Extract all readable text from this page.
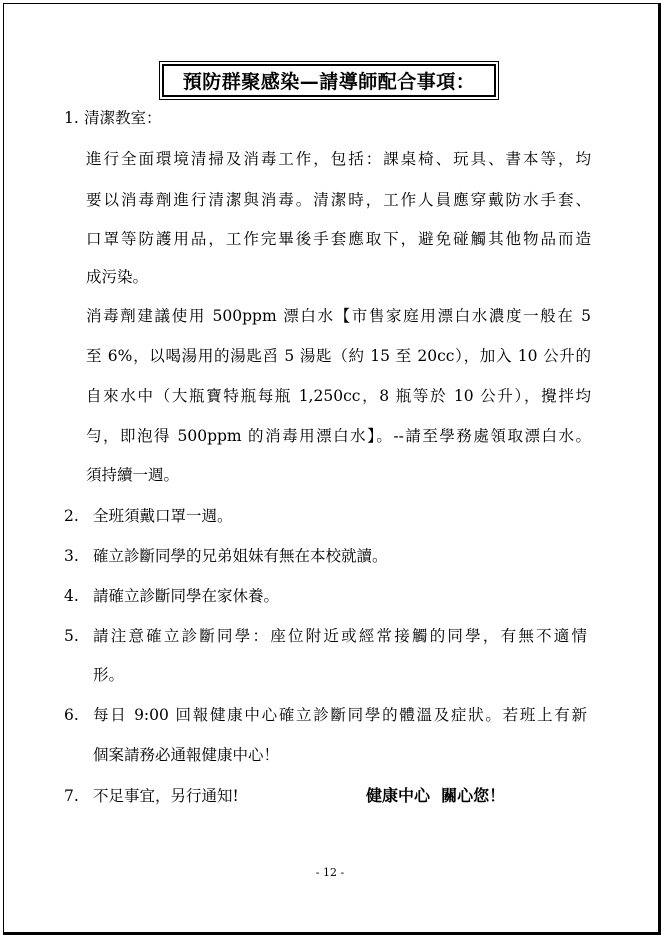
預防群聚感染—請導師配合事項：
1. 清潔教室：
進行全面環境清掃及消毒工作，包括：課桌椅、玩具、書本等，均
要以消毒劑進行清潔與消毒。清潔時，工作人員應穿戴防水手套、
口罩等防護用品，工作完畢後手套應取下，避免碰觸其他物品而造
成污染。
消毒劑建議使用 500ppm 漂白水【市售家庭用漂白水濃度一般在 5
至 6%，以喝湯用的湯匙舀 5 湯匙（約 15 至 20cc），加入 10 公升的
自來水中（大瓶寶特瓶每瓶 1,250cc，8 瓶等於 10 公升），攪拌均
勻，即泡得 500ppm 的消毒用漂白水】。--請至學務處領取漂白水。
須持續一週。
2. 全班須戴口罩一週。
3. 確立診斷同學的兄弟姐妹有無在本校就讀。
4. 請確立診斷同學在家休養。
5. 請注意確立診斷同學：座位附近或經常接觸的同學，有無不適情
形。
6. 每日 9:00 回報健康中心確立診斷同學的體溫及症狀。若班上有新
個案請務必通報健康中心！
7. 不足事宜，另行通知!	健康中心  關心您！
- 12 -
